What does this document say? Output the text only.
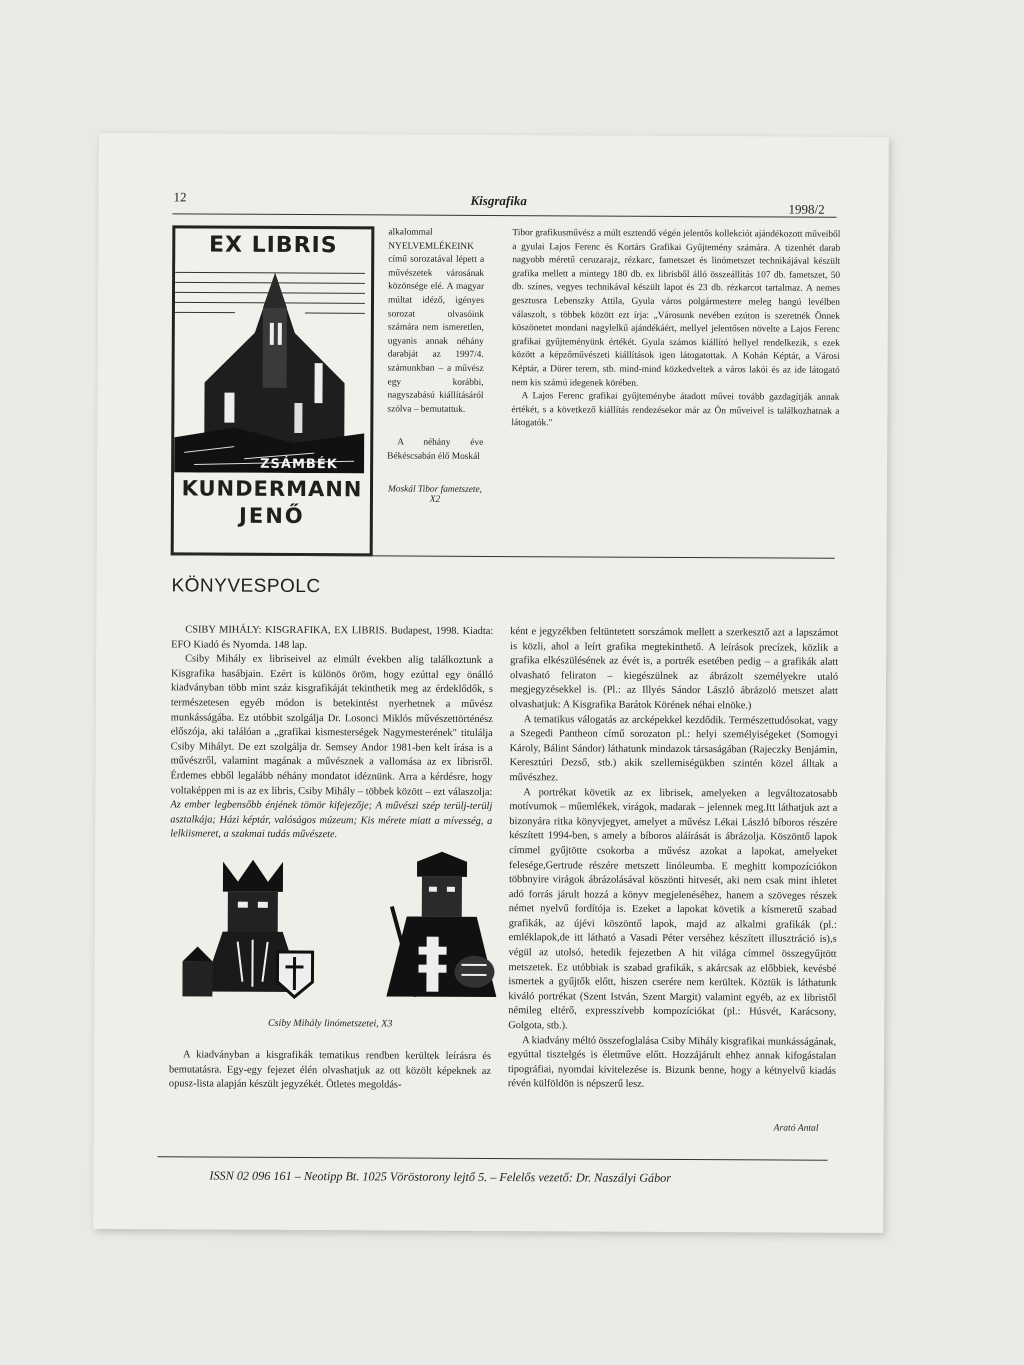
12	Kisgrafika
1998/2
EX LIBRIS
ZSÁMBÉK
KUNDERMANN
JENŐ

alkalommal NYELVEMLÉKEINK című sorozatával lépett a művészetek városának közönsége elé. A magyar múltat idéző, igényes sorozat olvasóink számára nem ismeretlen, ugyanis annak néhány darabját az 1997/4. számunkban – a művész egy korábbi, nagyszabású kiállításáról szólva – bemutattuk.

A néhány éve Békéscsabán élő Moskál

Moskál Tibor fametszete, X2

Tibor grafikusművész a múlt esztendő végén jelentős kollekciót ajándékozott műveiből a gyulai Lajos Ferenc és Kortárs Grafikai Gyűjtemény számára. A tizenhét darab nagyobb méretű ceruzarajz, rézkarc, fametszet és linómetszet technikájával készült grafika mellett a mintegy 180 db. ex librisből álló összeállítás 107 db. fametszet, 50 db. színes, vegyes technikával készült lapot és 23 db. rézkarcot tartalmaz. A nemes gesztusra Lebenszky Attila, Gyula város polgármestere meleg hangú levélben válaszolt, s többek között ezt írja: „Városunk nevében ezúton is szeretnék Önnek köszönetet mondani nagylelkű ajándékáért, mellyel jelentősen növelte a Lajos Ferenc grafikai gyűjteményünk értékét. Gyula számos kiállító hellyel rendelkezik, s ezek között a képzőművészeti kiállítások igen látogatottak. A Kohán Képtár, a Városi Képtár, a Dürer terem, stb. mind-mind közkedveltek a város lakói és az ide látogató nem kis számú idegenek körében.

A Lajos Ferenc grafikai gyűjteménybe átadott művei tovább gazdagítják annak értékét, s a következő kiállítás rendezésekor már az Ön műveivel is találkozhatnak a látogatók."

KÖNYVESPOLC

CSIBY MIHÁLY: KISGRAFIKA, EX LIBRIS. Budapest, 1998. Kiadta: EFO Kiadó és Nyomda. 148 lap.

Csiby Mihály ex libriseivel az elmúlt években alig találkoztunk a Kisgrafika hasábjain. Ezért is különös öröm, hogy ezúttal egy önálló kiadványban több mint száz kisgrafikáját tekinthetik meg az érdeklődők, s természetesen egyéb módon is betekintést nyerhetnek a művész munkásságába. Ez utóbbit szolgálja Dr. Losonci Miklós művészettörténész előszója, aki találóan a „grafikai kismesterségek Nagymesterének" titulálja Csiby Mihályt. De ezt szolgálja dr. Semsey Andor 1981-ben kelt írása is a művészről, valamint magának a művésznek a vallomása az ex librisről. Érdemes ebből legalább néhány mondatot idéznünk. Arra a kérdésre, hogy voltaképpen mi is az ex libris, Csiby Mihály – többek között – ezt válaszolja: Az ember legbensőbb énjének tömör kifejezője; A művészi szép terülj-terülj asztalkája; Házi képtár, valóságos múzeum; Kis mérete miatt a mívesség, a lelkiismeret, a szakmai tudás művészete.

Csiby Mihály linómetszetei, X3

A kiadványban a kisgrafikák tematikus rendben kerültek leírásra és bemutatásra. Egy-egy fejezet élén olvashatjuk az ott közölt képeknek az opusz-lista alapján készült jegyzékét. Ötletes megoldás-

ként e jegyzékben feltüntetett sorszámok mellett a szerkesztő azt a lapszámot is közli, ahol a leírt grafika megtekinthető. A leírások precízek, közlik a grafika elkészülésének az évét is, a portrék esetében pedig – a grafikák alatt olvasható feliraton – kiegészülnek az ábrázolt személyekre utaló megjegyzésekkel is. (Pl.: az Illyés Sándor László ábrázoló metszet alatt olvashatjuk: A Kisgrafika Barátok Körének néhai elnöke.)

A tematikus válogatás az arcképekkel kezdődik. Természettudósokat, vagy a Szegedi Pantheon című sorozaton pl.: helyi személyiségeket (Somogyi Károly, Bálint Sándor) láthatunk mindazok társaságában (Rajeczky Benjámin, Keresztúri Dezső, stb.) akik szellemiségükben szintén közel álltak a művészhez.

A portrékat követik az ex librisek, amelyeken a legváltozatosabb motívumok – műemlékek, virágok, madarak – jelennek meg.Itt láthatjuk azt a bizonyára ritka könyvjegyet, amelyet a művész Lékai László bíboros részére készített 1994-ben, s amely a bíboros aláírását is ábrázolja. Köszöntő lapok címmel gyűjtötte csokorba a művész azokat a lapokat, amelyeket felesége,Gertrude részére metszett linóleumba. E meghitt kompozíciókon többnyire virágok ábrázolásával köszönti hitvesét, aki nem csak mint ihletet adó forrás járult hozzá a könyv megjelenéséhez, hanem a szöveges részek német nyelvű fordítója is. Ezeket a lapokat követik a kísmeretű szabad grafikák, az újévi köszöntő lapok, majd az alkalmi grafikák (pl.: emléklapok,de itt látható a Vasadi Péter verséhez készített illusztráció is),s végül az utolsó, hetedik fejezetben A hit világa címmel összegyűjtött metszetek. Ez utóbbiak is szabad grafikák, s akárcsak az előbbiek, kevésbé ismertek a gyűjtők előtt, hiszen cserére nem kerültek. Köztük is láthatunk kiváló portrékat (Szent István, Szent Margit) valamint egyéb, az ex libristől némileg eltérő, expresszívebb kompozíciókat (pl.: Húsvét, Karácsony, Golgota, stb.).

A kiadvány méltó összefoglalása Csiby Mihály kisgrafikai munkásságának, egyúttal tisztelgés is életműve előtt. Hozzájárult ehhez annak kifogástalan tipográfiai, nyomdai kivitelezése is. Bizunk benne, hogy a kétnyelvű kiadás révén külföldön is népszerű lesz.

Arató Antal
ISSN 02 096 161 – Neotipp Bt. 1025 Vöröstorony lejtő 5. – Felelős vezető: Dr. Naszályi Gábor
